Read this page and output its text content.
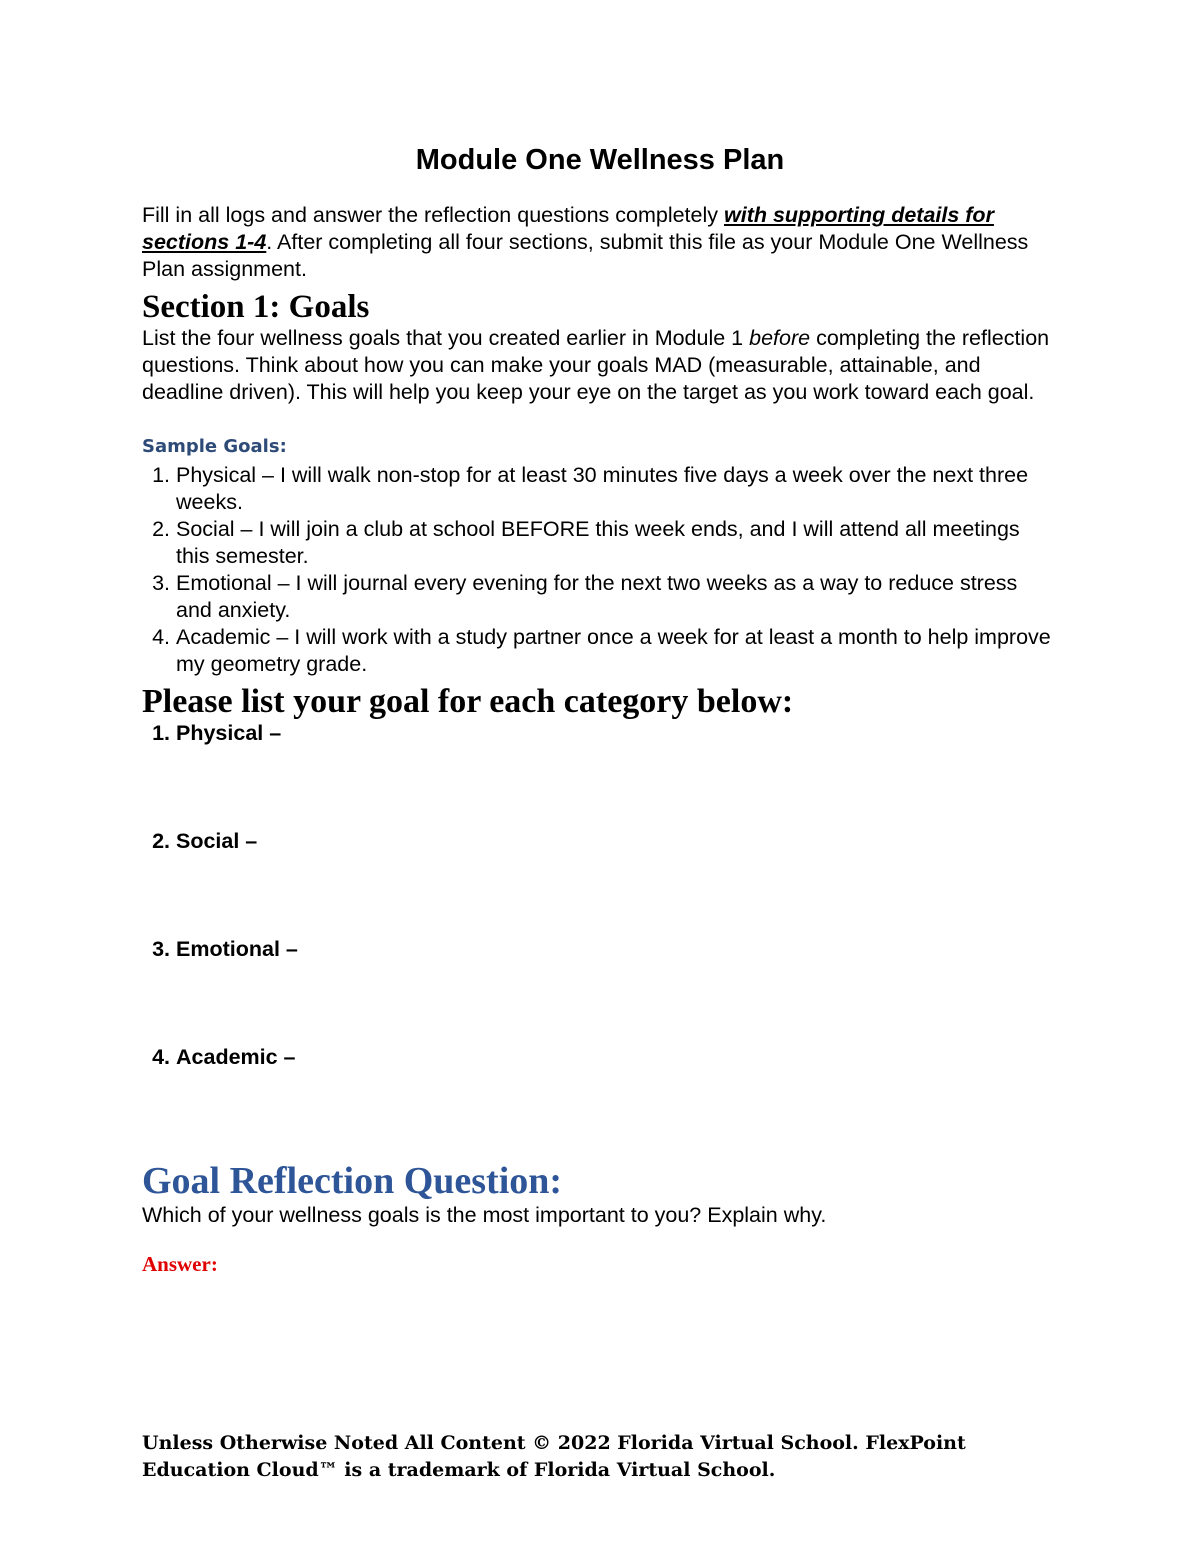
Module One Wellness Plan
Fill in all logs and answer the reflection questions completely with supporting details for sections 1-4. After completing all four sections, submit this file as your Module One Wellness Plan assignment.
Section 1: Goals
List the four wellness goals that you created earlier in Module 1 before completing the reflection questions. Think about how you can make your goals MAD (measurable, attainable, and deadline driven). This will help you keep your eye on the target as you work toward each goal.
Sample Goals:
1. Physical – I will walk non-stop for at least 30 minutes five days a week over the next three weeks.
2. Social – I will join a club at school BEFORE this week ends, and I will attend all meetings this semester.
3. Emotional – I will journal every evening for the next two weeks as a way to reduce stress and anxiety.
4. Academic – I will work with a study partner once a week for at least a month to help improve my geometry grade.
Please list your goal for each category below:
1. Physical –
2. Social –
3. Emotional –
4. Academic –
Goal Reflection Question:
Which of your wellness goals is the most important to you? Explain why.
Answer:
Unless Otherwise Noted All Content © 2022 Florida Virtual School. FlexPoint Education Cloud™ is a trademark of Florida Virtual School.
